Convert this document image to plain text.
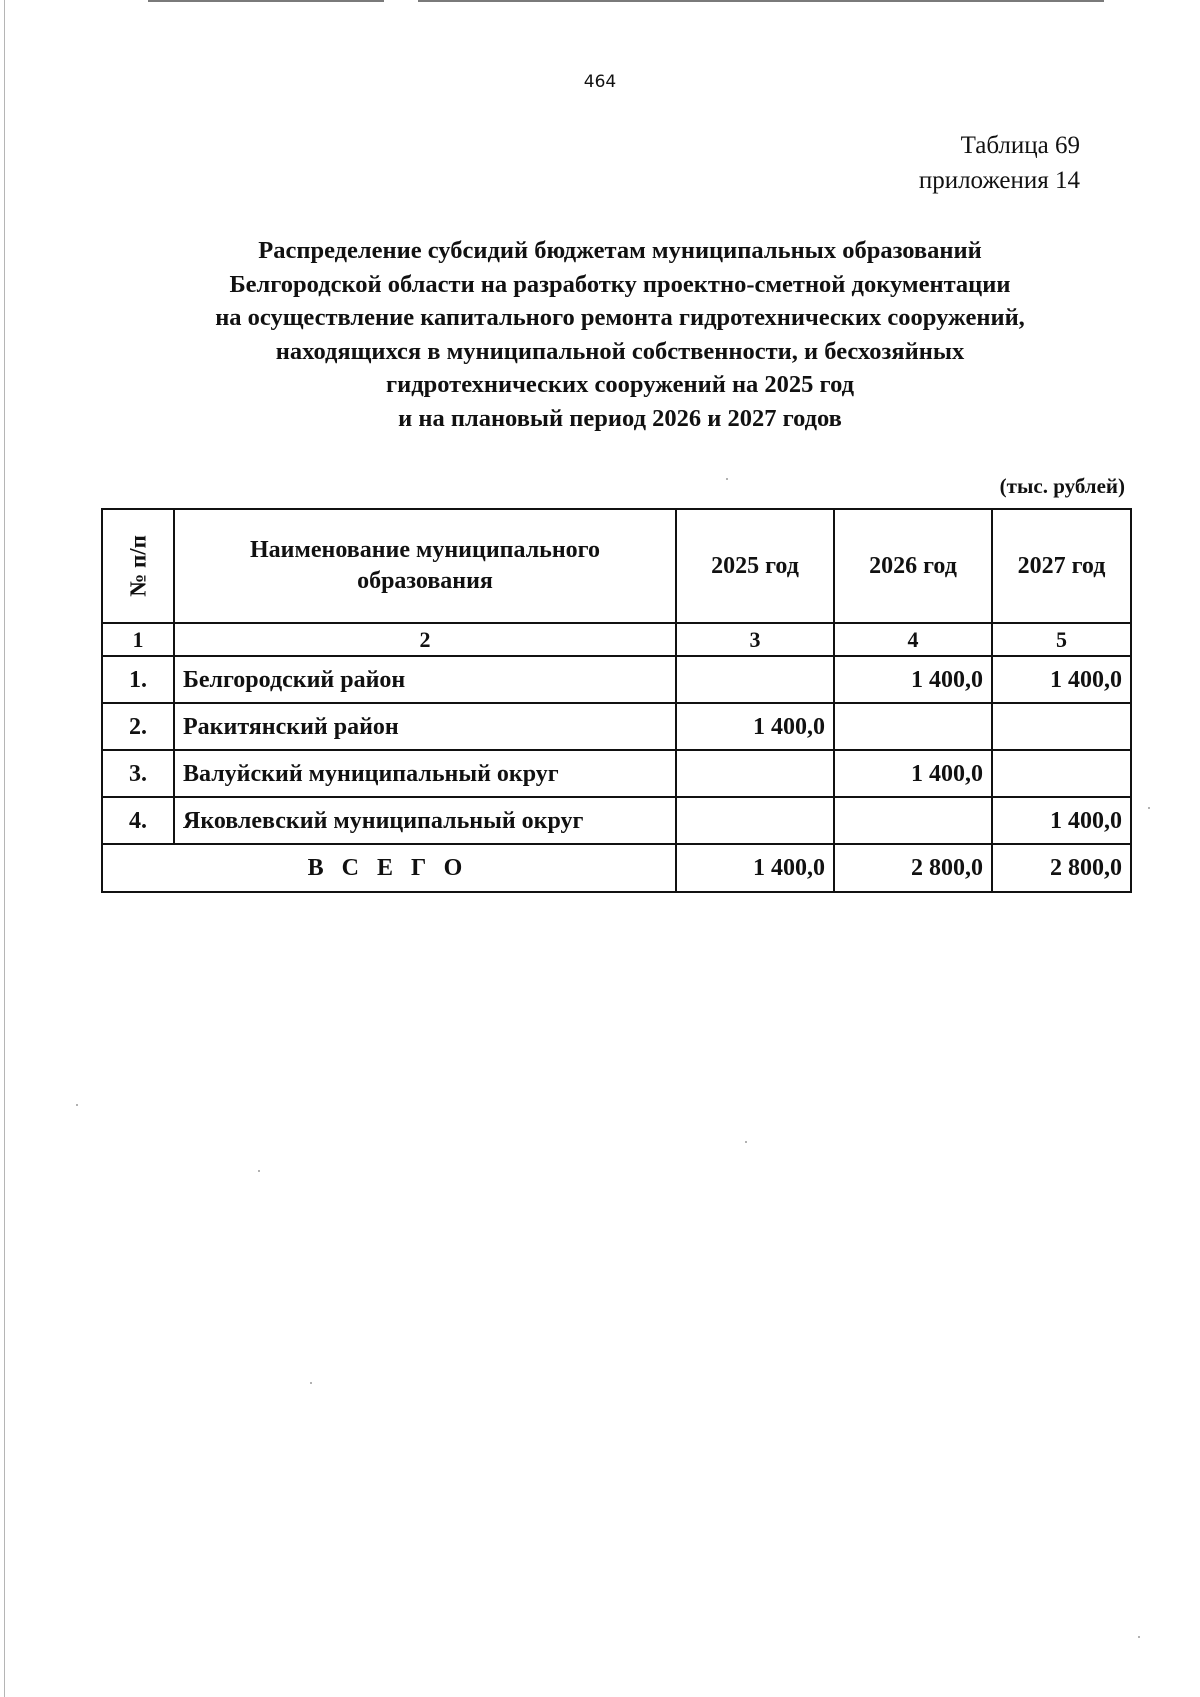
464
Таблица 69
приложения 14
Распределение субсидий бюджетам муниципальных образований
Белгородской области на разработку проектно-сметной документации
на осуществление капитального ремонта гидротехнических сооружений,
находящихся в муниципальной собственности, и бесхозяйных
гидротехнических сооружений на 2025 год
и на плановый период 2026 и 2027 годов
(тыс. рублей)
№ п/п	Наименование муниципального образования	2025 год	2026 год	2027 год
1	2	3	4	5
1.	Белгородский район		1 400,0	1 400,0
2.	Ракитянский район	1 400,0		
3.	Валуйский муниципальный округ		1 400,0	
4.	Яковлевский муниципальный округ			1 400,0
ВСЕГО		1 400,0	2 800,0	2 800,0
